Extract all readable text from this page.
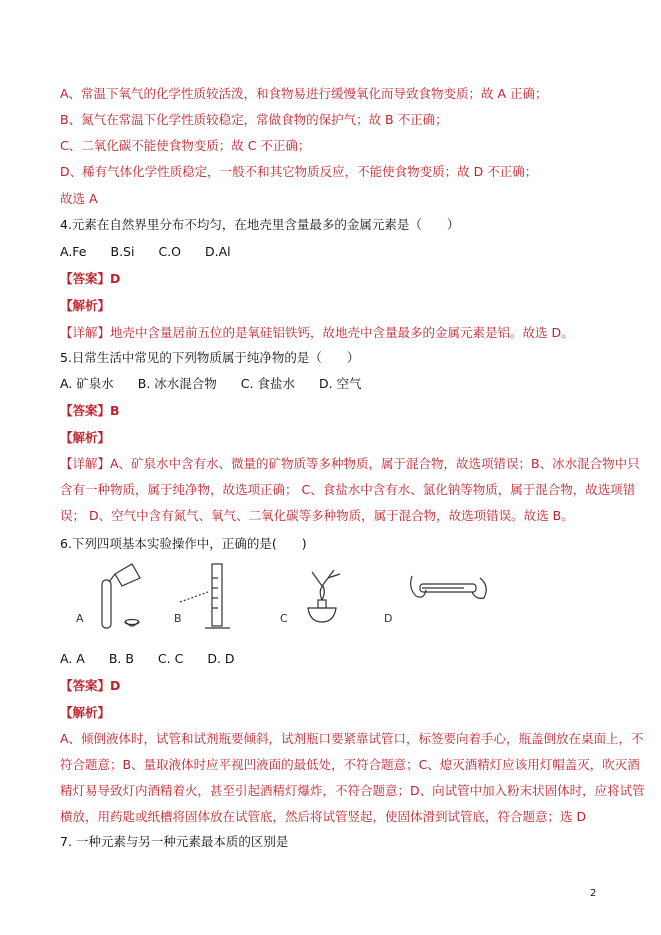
A、常温下氧气的化学性质较活泼，和食物易进行缓慢氧化而导致食物变质；故 A 正确；
B、氮气在常温下化学性质较稳定，常做食物的保护气；故 B 不正确；
C、二氧化碳不能使食物变质；故 C 不正确；
D、稀有气体化学性质稳定，一般不和其它物质反应，不能使食物变质；故 D 不正确；
故选 A
4.元素在自然界里分布不均匀，在地壳里含量最多的金属元素是（　　）
A.Fe B.Si C.O D.Al
【答案】D
【解析】
【详解】地壳中含量居前五位的是氧硅铝铁钙，故地壳中含量最多的金属元素是铝。故选 D。
5.日常生活中常见的下列物质属于纯净物的是（　　）
A. 矿泉水 B. 冰水混合物 C. 食盐水 D. 空气
【答案】B
【解析】
【详解】A、矿泉水中含有水、微量的矿物质等多种物质，属于混合物，故选项错误；B、冰水混合物中只
含有一种物质，属于纯净物，故选项正确； C、食盐水中含有水、氯化钠等物质，属于混合物，故选项错
误； D、空气中含有氮气、氧气、二氧化碳等多种物质，属于混合物，故选项错误。故选 B。
6.下列四项基本实验操作中，正确的是(　　)
A	B	C	D
A. A B. B C. C D. D
【答案】D
【解析】
A、倾倒液体时，试管和试剂瓶要倾斜，试剂瓶口要紧靠试管口，标签要向着手心，瓶盖倒放在桌面上，不
符合题意；B、量取液体时应平视凹液面的最低处，不符合题意；C、熄灭酒精灯应该用灯帽盖灭，吹灭酒
精灯易导致灯内酒精着火，甚至引起酒精灯爆炸，不符合题意；D、向试管中加入粉末状固体时，应将试管
横放，用药匙或纸槽将固体放在试管底，然后将试管竖起，使固体滑到试管底，符合题意；选 D
7. 一种元素与另一种元素最本质的区别是
2
